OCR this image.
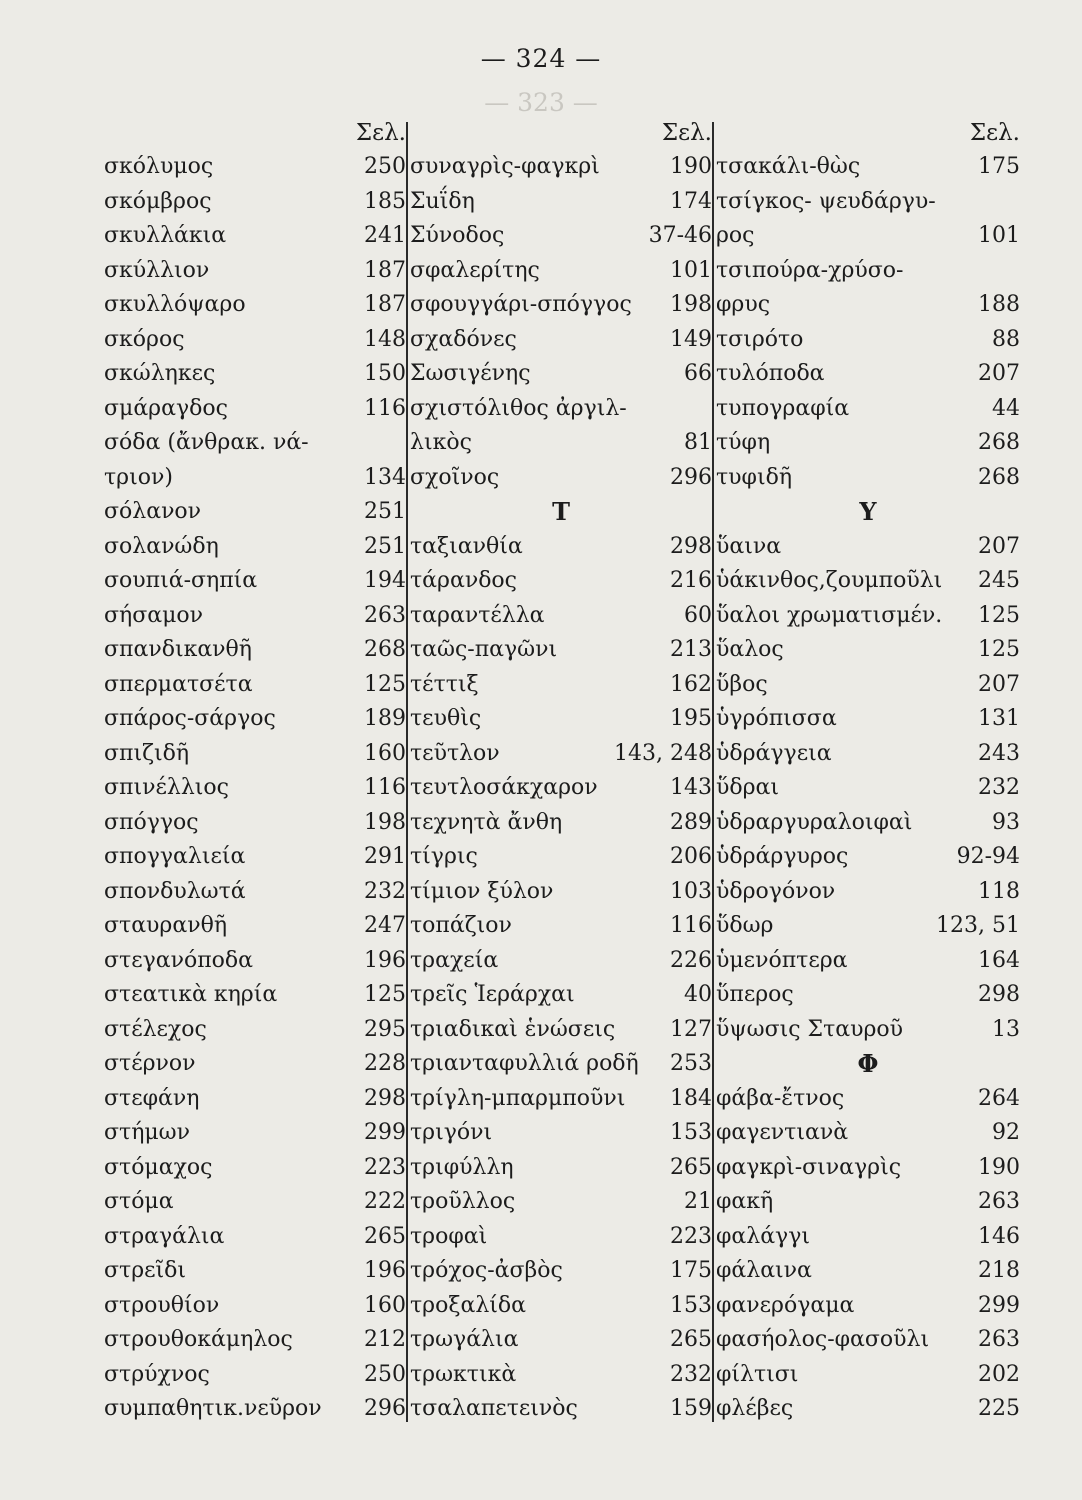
— 323 —
— 324 —
Σελ.
σκόλυμος	250
σκόμβρος	185
σκυλλάκια	241
σκύλλιον	187
σκυλλόψαρο	187
σκόρος	148
σκώληκες	150
σμάραγδος	116
σόδα (ἄνθρακ. νά-
τριον)	134
σόλανον	251
σολανώδη	251
σουπιά-σηπία	194
σήσαμον	263
σπανδικανθῆ	268
σπερματσέτα	125
σπάρος-σάργος	189
σπιζιδῆ	160
σπινέλλιος	116
σπόγγος	198
σπογγαλιεία	291
σπονδυλωτά	232
σταυρανθῆ	247
στεγανόποδα	196
στεατικὰ κηρία	125
στέλεχος	295
στέρνον	228
στεφάνη	298
στήμων	299
στόμαχος	223
στόμα	222
στραγάλια	265
στρεῖδι	196
στρουθίον	160
στρουθοκάμηλος	212
στρύχνος	250
συμπαθητικ.νεῦρον 296
Σελ.
συναγρὶς-φαγκρὶ	190
Σuΐδη	174
Σύνοδος	37-46
σφαλερίτης	101
σφουγγάρι-σπόγγος 198
σχαδόνες	149
Σωσιγένης	66
σχιστόλιθος ἀργιλ-
λικὸς	81
σχοῖνος	296
Τ
ταξιανθία	298
τάρανδος	216
ταραντέλλα	60
ταῶς-παγῶνι	213
τέττιξ	162
τευθὶς	195
τεῦτλον	143, 248
τευτλοσάκχαρον	143
τεχνητὰ ἄνθη	289
τίγρις	206
τίμιον ξύλον	103
τοπάζιον	116
τραχεία	226
τρεῖς Ἱεράρχαι	40
τριαδικαὶ ἑνώσεις 127
τριανταφυλλιά ροδῆ 253
τρίγλη-μπαρμποῦνι 184
τριγόνι	153
τριφύλλη	265
τροῦλλος	21
τροφαὶ	223
τρόχος-ἀσβὸς	175
τροξαλίδα	153
τρωγάλια	265
τρωκτικὰ	232
τσαλαπετεινὸς	159
Σελ.
τσακάλι-θὼς	175
τσίγκος- ψευδάργυ-
ρος	101
τσιπούρα-χρύσο-
φρυς	188
τσιρότο	88
τυλόποδα	207
τυπογραφία	44
τύφη	268
τυφιδῆ	268
Υ
ὕαινα	207
ὑάκινθος,ζουμποῦλι 245
ὕαλοι χρωματισμέν. 125
ὕαλος	125
ὕβος	207
ὑγρόπισσα	131
ὑδράγγεια	243
ὕδραι	232
ὑδραργυραλοιφαὶ	93
ὑδράργυρος	92-94
ὑδρογόνον	118
ὕδωρ	123, 51
ὑμενόπτερα	164
ὕπερος	298
ὕψωσις Σταυροῦ	13
Φ
φάβα-ἔτνος	264
φαγεντιανὰ	92
φαγκρὶ-σιναγρὶς	190
φακῆ	263
φαλάγγι	146
φάλαινα	218
φανερόγαμα	299
φασήολος-φασοῦλι 263
φίλτισι	202
φλέβες	225
